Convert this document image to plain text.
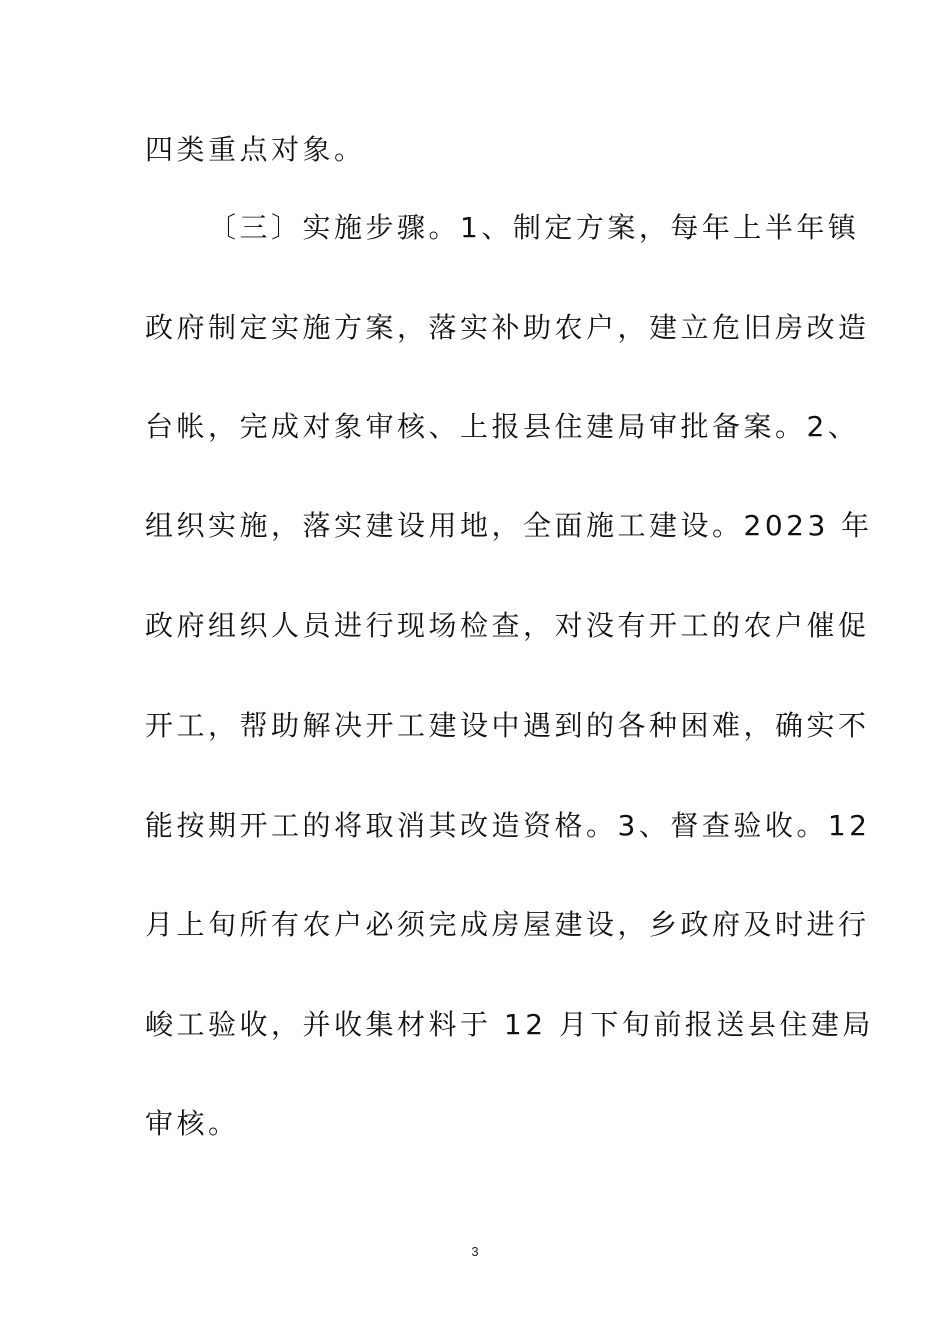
四类重点对象。
〔三〕实施步骤。1、制定方案，每年上半年镇
政府制定实施方案，落实补助农户，建立危旧房改造
台帐，完成对象审核、上报县住建局审批备案。2、
组织实施，落实建设用地，全面施工建设。2023 年
政府组织人员进行现场检查，对没有开工的农户催促
开工，帮助解决开工建设中遇到的各种困难，确实不
能按期开工的将取消其改造资格。3、督查验收。12
月上旬所有农户必须完成房屋建设，乡政府及时进行
峻工验收，并收集材料于 12 月下旬前报送县住建局
审核。
3
